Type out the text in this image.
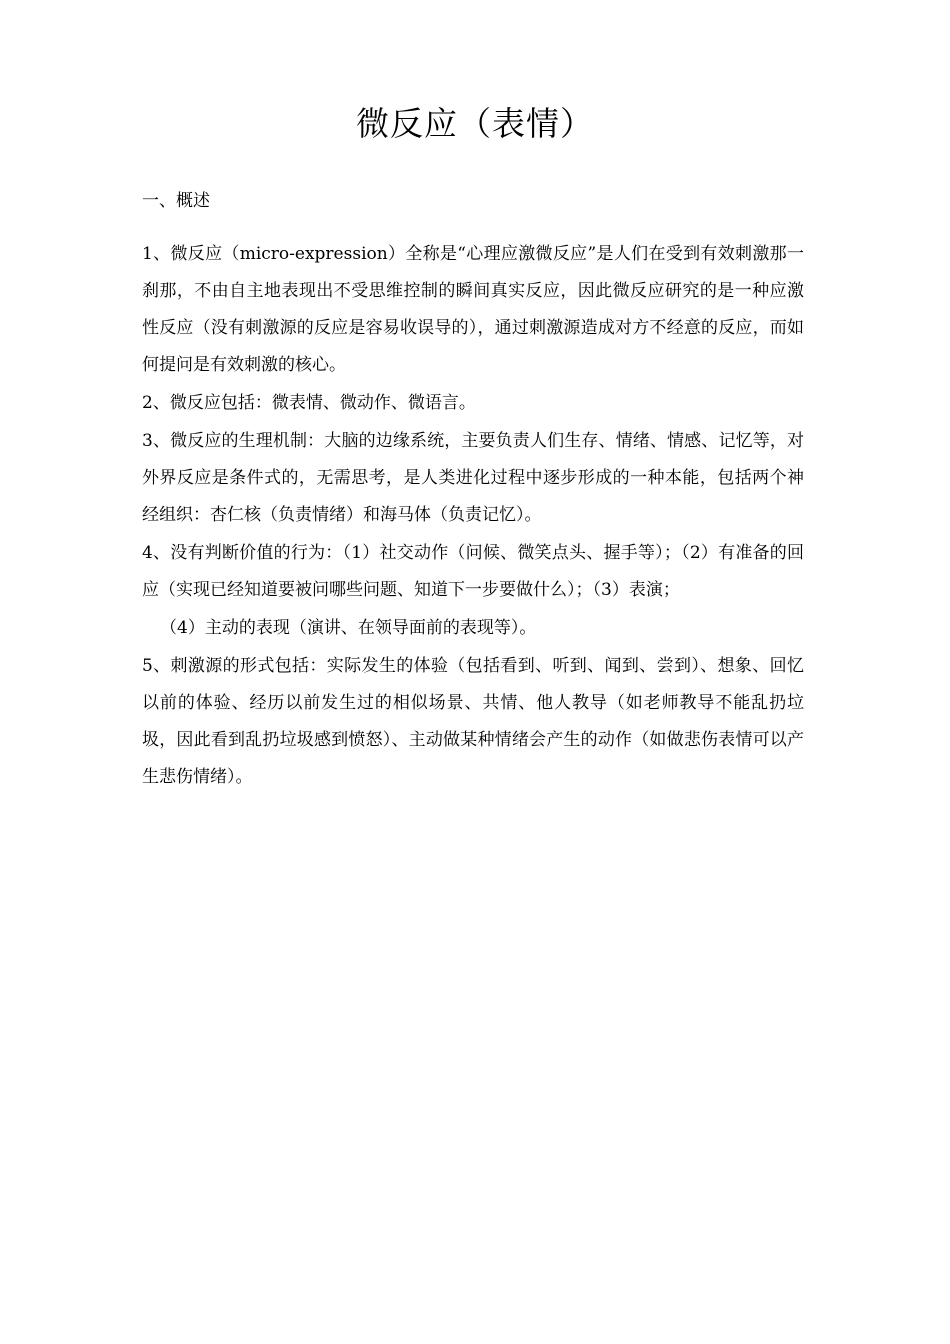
微反应（表情）

一、概述

1、微反应（micro-expression）全称是“心理应激微反应”是人们在受到有效刺激那一刹那，不由自主地表现出不受思维控制的瞬间真实反应，因此微反应研究的是一种应激性反应（没有刺激源的反应是容易收误导的），通过刺激源造成对方不经意的反应，而如何提问是有效刺激的核心。

2、微反应包括：微表情、微动作、微语言。

3、微反应的生理机制：大脑的边缘系统，主要负责人们生存、情绪、情感、记忆等，对外界反应是条件式的，无需思考，是人类进化过程中逐步形成的一种本能，包括两个神经组织：杏仁核（负责情绪）和海马体（负责记忆）。

4、没有判断价值的行为：（1）社交动作（问候、微笑点头、握手等）；（2）有准备的回应（实现已经知道要被问哪些问题、知道下一步要做什么）；（3）表演；

（4）主动的表现（演讲、在领导面前的表现等）。

5、刺激源的形式包括：实际发生的体验（包括看到、听到、闻到、尝到）、想象、回忆以前的体验、经历以前发生过的相似场景、共情、他人教导（如老师教导不能乱扔垃圾，因此看到乱扔垃圾感到愤怒）、主动做某种情绪会产生的动作（如做悲伤表情可以产生悲伤情绪）。
